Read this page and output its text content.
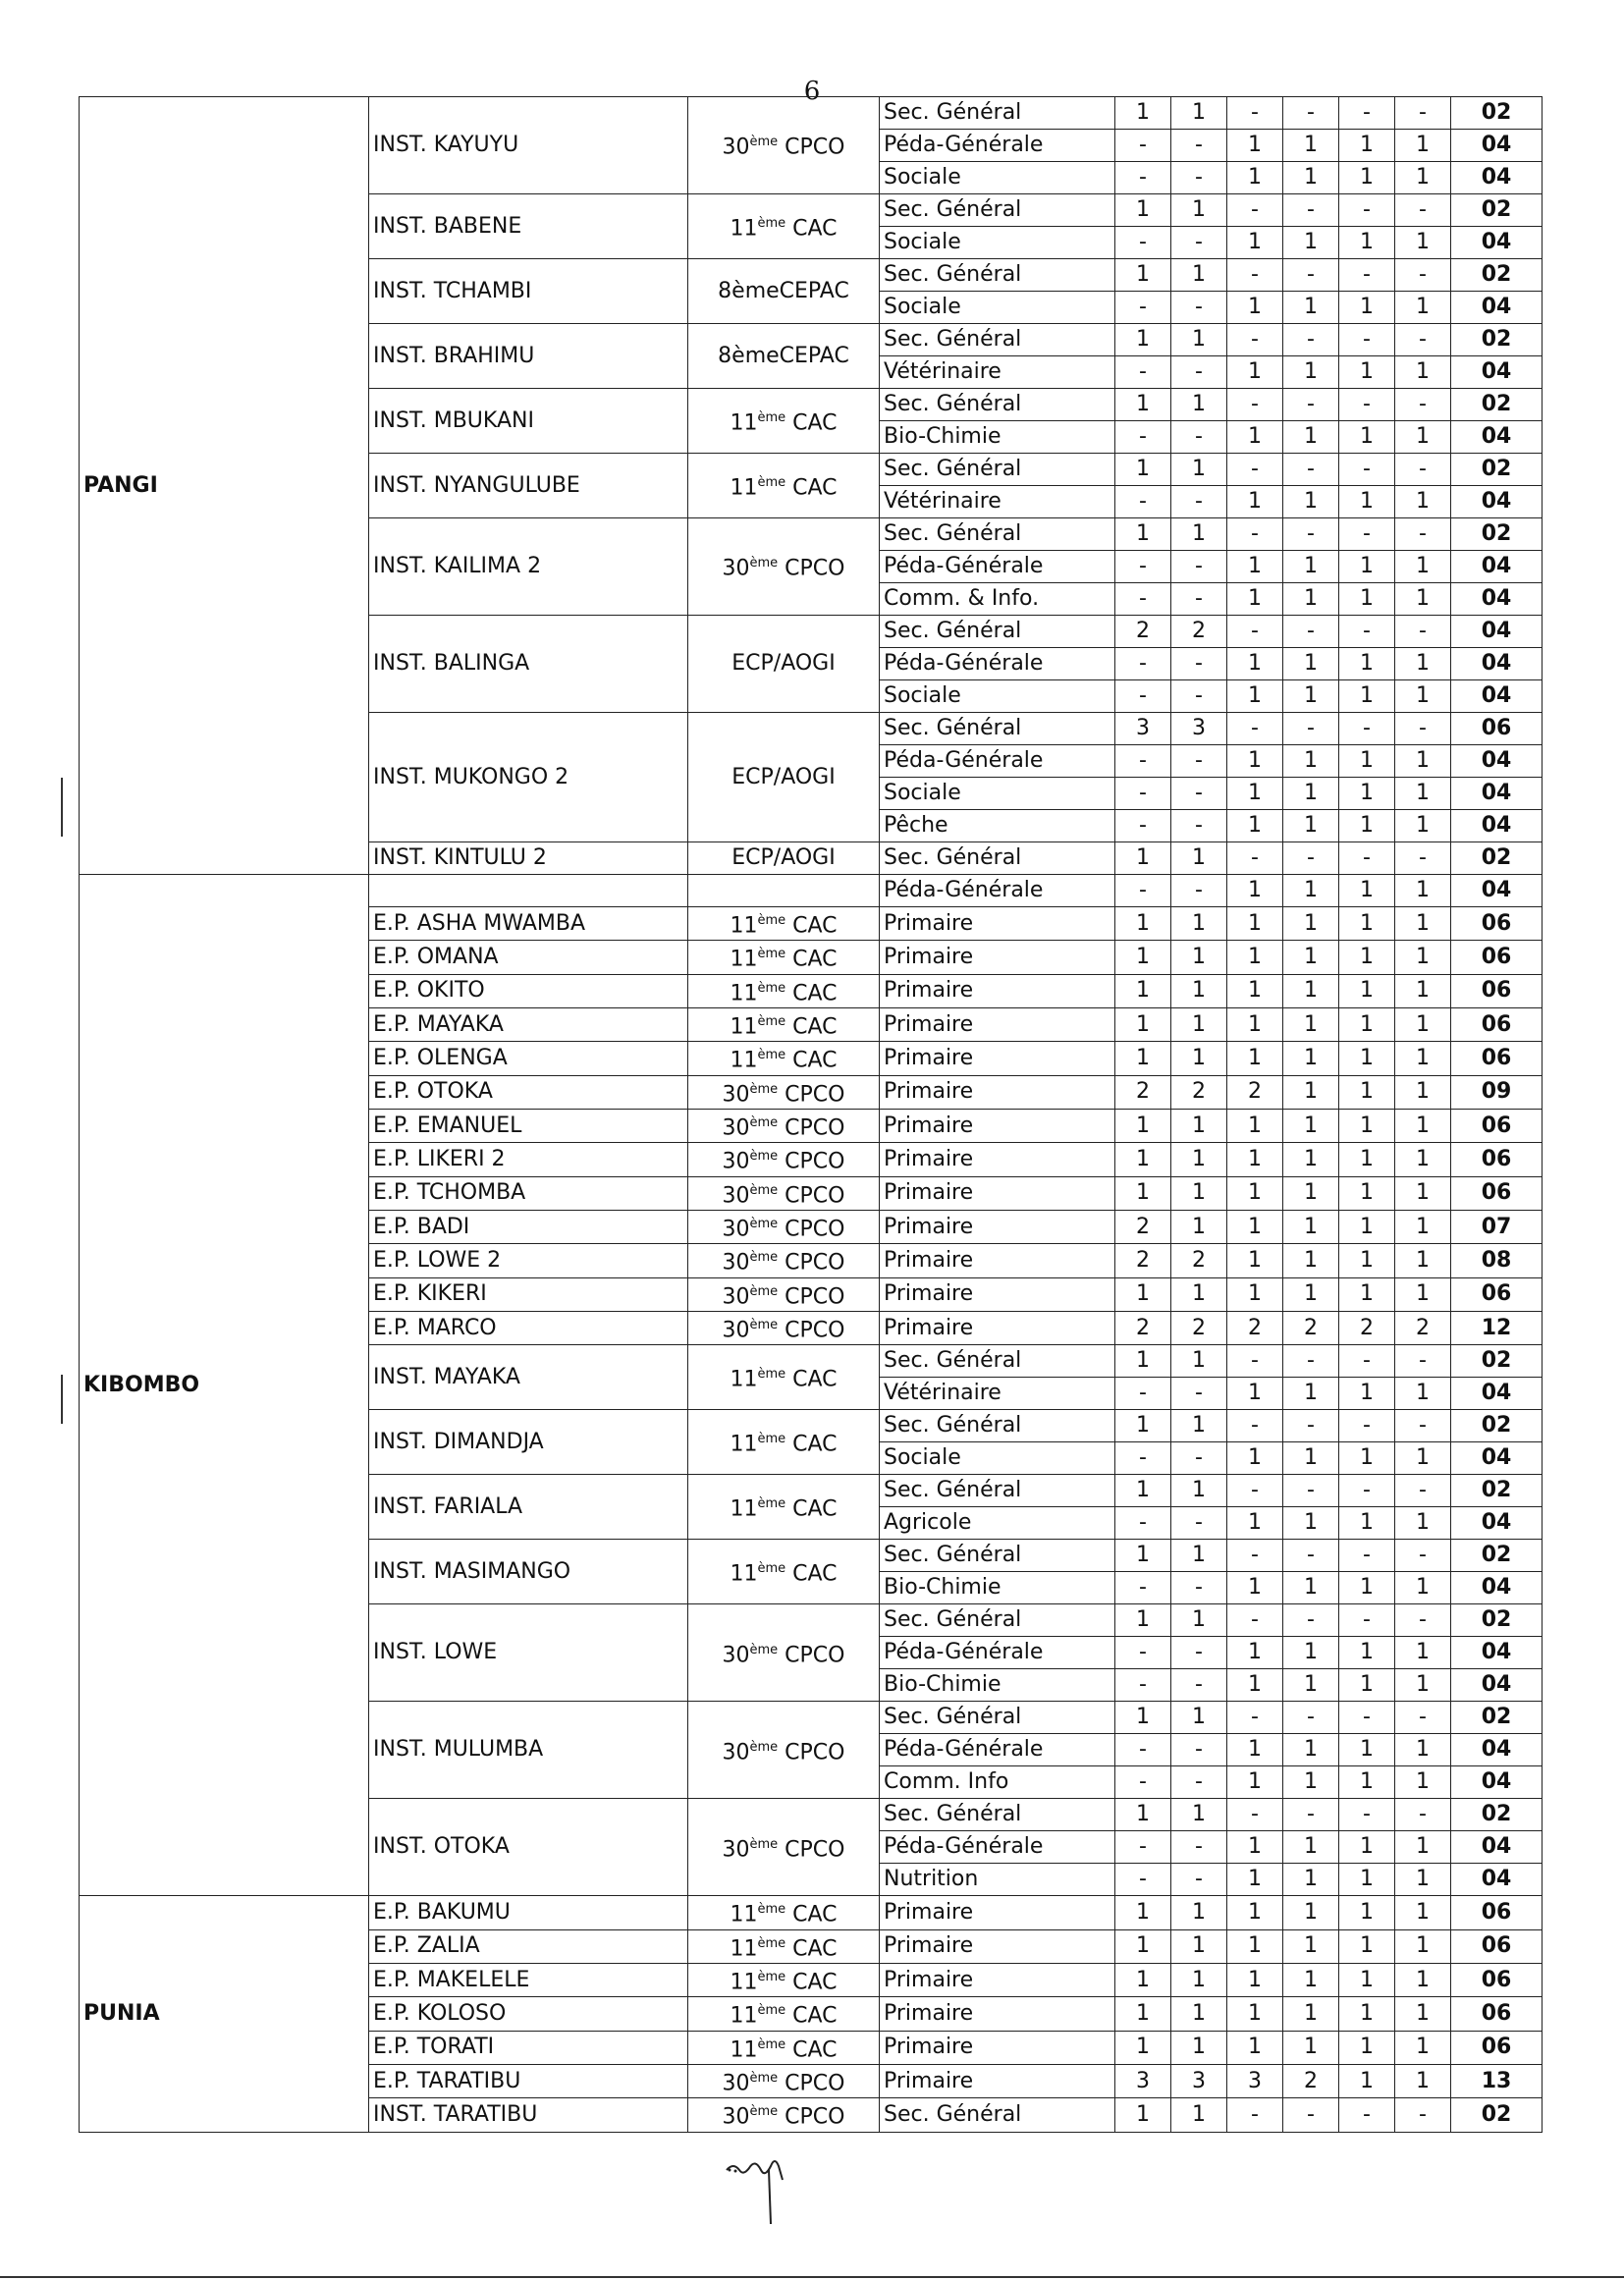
6
PANGI	INST. KAYUYU	30ème CPCO	Sec. Général	1	1	-	-	-	-	02
			Péda-Générale	-	-	1	1	1	1	04
			Sociale	-	-	1	1	1	1	04
	INST. BABENE	11ème CAC	Sec. Général	1	1	-	-	-	-	02
			Sociale	-	-	1	1	1	1	04
	INST. TCHAMBI	8èmeCEPAC	Sec. Général	1	1	-	-	-	-	02
			Sociale	-	-	1	1	1	1	04
	INST. BRAHIMU	8èmeCEPAC	Sec. Général	1	1	-	-	-	-	02
			Vétérinaire	-	-	1	1	1	1	04
	INST. MBUKANI	11ème CAC	Sec. Général	1	1	-	-	-	-	02
			Bio-Chimie	-	-	1	1	1	1	04
	INST. NYANGULUBE	11ème CAC	Sec. Général	1	1	-	-	-	-	02
			Vétérinaire	-	-	1	1	1	1	04
	INST. KAILIMA 2	30ème CPCO	Sec. Général	1	1	-	-	-	-	02
			Péda-Générale	-	-	1	1	1	1	04
			Comm. & Info.	-	-	1	1	1	1	04
	INST. BALINGA	ECP/AOGI	Sec. Général	2	2	-	-	-	-	04
			Péda-Générale	-	-	1	1	1	1	04
			Sociale	-	-	1	1	1	1	04
	INST. MUKONGO 2	ECP/AOGI	Sec. Général	3	3	-	-	-	-	06
			Péda-Générale	-	-	1	1	1	1	04
			Sociale	-	-	1	1	1	1	04
			Pêche	-	-	1	1	1	1	04
	INST. KINTULU 2	ECP/AOGI	Sec. Général	1	1	-	-	-	-	02
KIBOMBO			Péda-Générale	-	-	1	1	1	1	04
	E.P. ASHA MWAMBA	11ème CAC	Primaire	1	1	1	1	1	1	06
	E.P. OMANA	11ème CAC	Primaire	1	1	1	1	1	1	06
	E.P. OKITO	11ème CAC	Primaire	1	1	1	1	1	1	06
	E.P. MAYAKA	11ème CAC	Primaire	1	1	1	1	1	1	06
	E.P. OLENGA	11ème CAC	Primaire	1	1	1	1	1	1	06
	E.P. OTOKA	30ème CPCO	Primaire	2	2	2	1	1	1	09
	E.P. EMANUEL	30ème CPCO	Primaire	1	1	1	1	1	1	06
	E.P. LIKERI 2	30ème CPCO	Primaire	1	1	1	1	1	1	06
	E.P. TCHOMBA	30ème CPCO	Primaire	1	1	1	1	1	1	06
	E.P. BADI	30ème CPCO	Primaire	2	1	1	1	1	1	07
	E.P. LOWE 2	30ème CPCO	Primaire	2	2	1	1	1	1	08
	E.P. KIKERI	30ème CPCO	Primaire	1	1	1	1	1	1	06
	E.P. MARCO	30ème CPCO	Primaire	2	2	2	2	2	2	12
	INST. MAYAKA	11ème CAC	Sec. Général	1	1	-	-	-	-	02
			Vétérinaire	-	-	1	1	1	1	04
	INST. DIMANDJA	11ème CAC	Sec. Général	1	1	-	-	-	-	02
			Sociale	-	-	1	1	1	1	04
	INST. FARIALA	11ème CAC	Sec. Général	1	1	-	-	-	-	02
			Agricole	-	-	1	1	1	1	04
	INST. MASIMANGO	11ème CAC	Sec. Général	1	1	-	-	-	-	02
			Bio-Chimie	-	-	1	1	1	1	04
	INST. LOWE	30ème CPCO	Sec. Général	1	1	-	-	-	-	02
			Péda-Générale	-	-	1	1	1	1	04
			Bio-Chimie	-	-	1	1	1	1	04
	INST. MULUMBA	30ème CPCO	Sec. Général	1	1	-	-	-	-	02
			Péda-Générale	-	-	1	1	1	1	04
			Comm. Info	-	-	1	1	1	1	04
	INST. OTOKA	30ème CPCO	Sec. Général	1	1	-	-	-	-	02
			Péda-Générale	-	-	1	1	1	1	04
			Nutrition	-	-	1	1	1	1	04
PUNIA	E.P. BAKUMU	11ème CAC	Primaire	1	1	1	1	1	1	06
	E.P. ZALIA	11ème CAC	Primaire	1	1	1	1	1	1	06
	E.P. MAKELELE	11ème CAC	Primaire	1	1	1	1	1	1	06
	E.P. KOLOSO	11ème CAC	Primaire	1	1	1	1	1	1	06
	E.P. TORATI	11ème CAC	Primaire	1	1	1	1	1	1	06
	E.P. TARATIBU	30ème CPCO	Primaire	3	3	3	2	1	1	13
	INST. TARATIBU	30ème CPCO	Sec. Général	1	1	-	-	-	-	02
